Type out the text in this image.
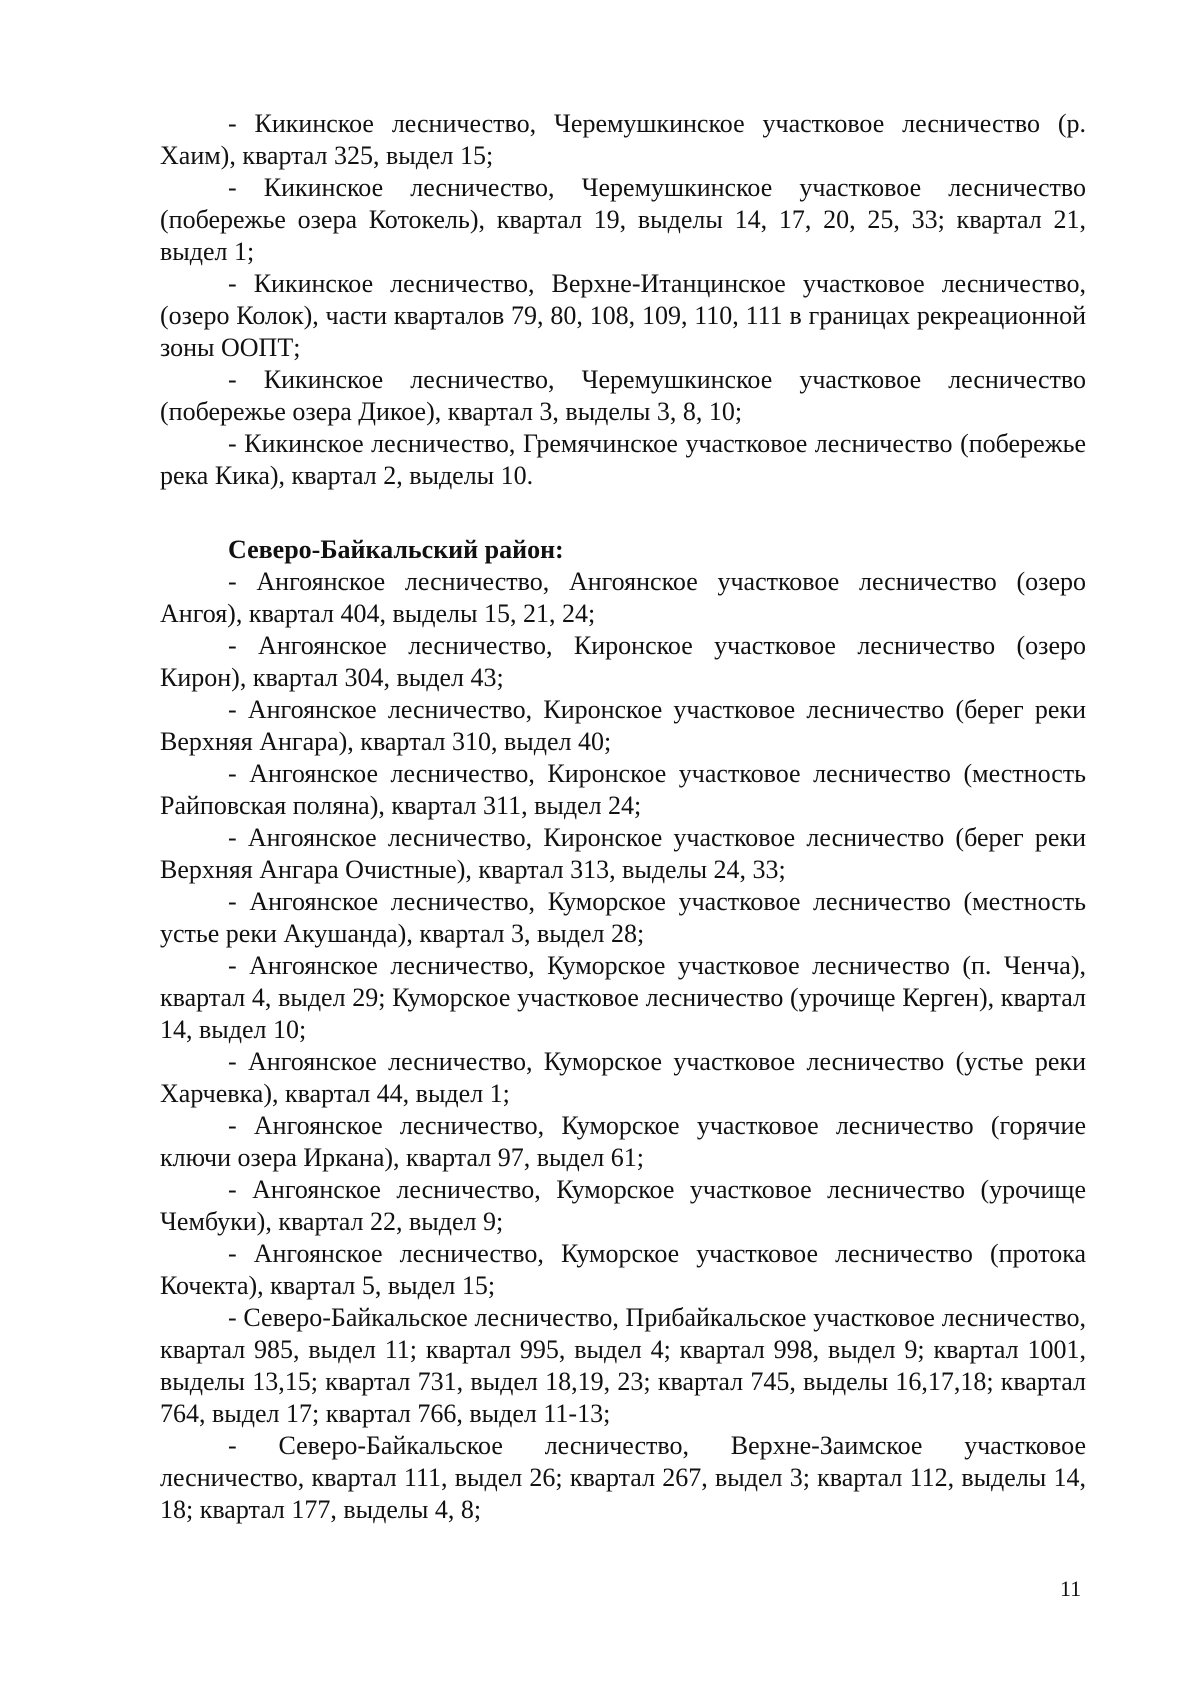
- Кикинское лесничество, Черемушкинское участковое лесничество (р. Хаим), квартал 325, выдел 15;

- Кикинское лесничество, Черемушкинское участковое лесничество (побережье озера Котокель), квартал 19, выделы 14, 17, 20, 25, 33; квартал 21, выдел 1;

- Кикинское лесничество, Верхне-Итанцинское участковое лесничество, (озеро Колок), части кварталов 79, 80, 108, 109, 110, 111 в границах рекреационной зоны ООПТ;

- Кикинское лесничество, Черемушкинское участковое лесничество (побережье озера Дикое), квартал 3, выделы 3, 8, 10;

- Кикинское лесничество, Гремячинское участковое лесничество (побережье река Кика), квартал 2, выделы 10.

Северо-Байкальский район:

- Ангоянское лесничество, Ангоянское участковое лесничество (озеро Ангоя), квартал 404, выделы 15, 21, 24;

- Ангоянское лесничество, Киронское участковое лесничество (озеро Кирон), квартал 304, выдел 43;

- Ангоянское лесничество, Киронское участковое лесничество (берег реки Верхняя Ангара), квартал 310, выдел 40;

- Ангоянское лесничество, Киронское участковое лесничество (местность Райповская поляна), квартал 311, выдел 24;

- Ангоянское лесничество, Киронское участковое лесничество (берег реки Верхняя Ангара Очистные), квартал 313, выделы 24, 33;

- Ангоянское лесничество, Куморское участковое лесничество (местность устье реки Акушанда), квартал 3, выдел 28;

- Ангоянское лесничество, Куморское участковое лесничество (п. Ченча), квартал 4, выдел 29; Куморское участковое лесничество (урочище Керген), квартал 14, выдел 10;

- Ангоянское лесничество, Куморское участковое лесничество (устье реки Харчевка), квартал 44, выдел 1;

- Ангоянское лесничество, Куморское участковое лесничество (горячие ключи озера Иркана), квартал 97, выдел 61;

- Ангоянское лесничество, Куморское участковое лесничество (урочище Чембуки), квартал 22, выдел 9;

- Ангоянское лесничество, Куморское участковое лесничество (протока Кочекта), квартал 5, выдел 15;

- Северо-Байкальское лесничество, Прибайкальское участковое лесничество, квартал 985, выдел 11; квартал 995, выдел 4; квартал 998, выдел 9; квартал 1001, выделы 13,15; квартал 731, выдел 18,19, 23; квартал 745, выделы 16,17,18; квартал 764, выдел 17; квартал 766, выдел 11-13;

- Северо-Байкальское лесничество, Верхне-Заимское участковое лесничество, квартал 111, выдел 26; квартал 267, выдел 3; квартал 112, выделы 14, 18; квартал 177, выделы 4, 8;

11
